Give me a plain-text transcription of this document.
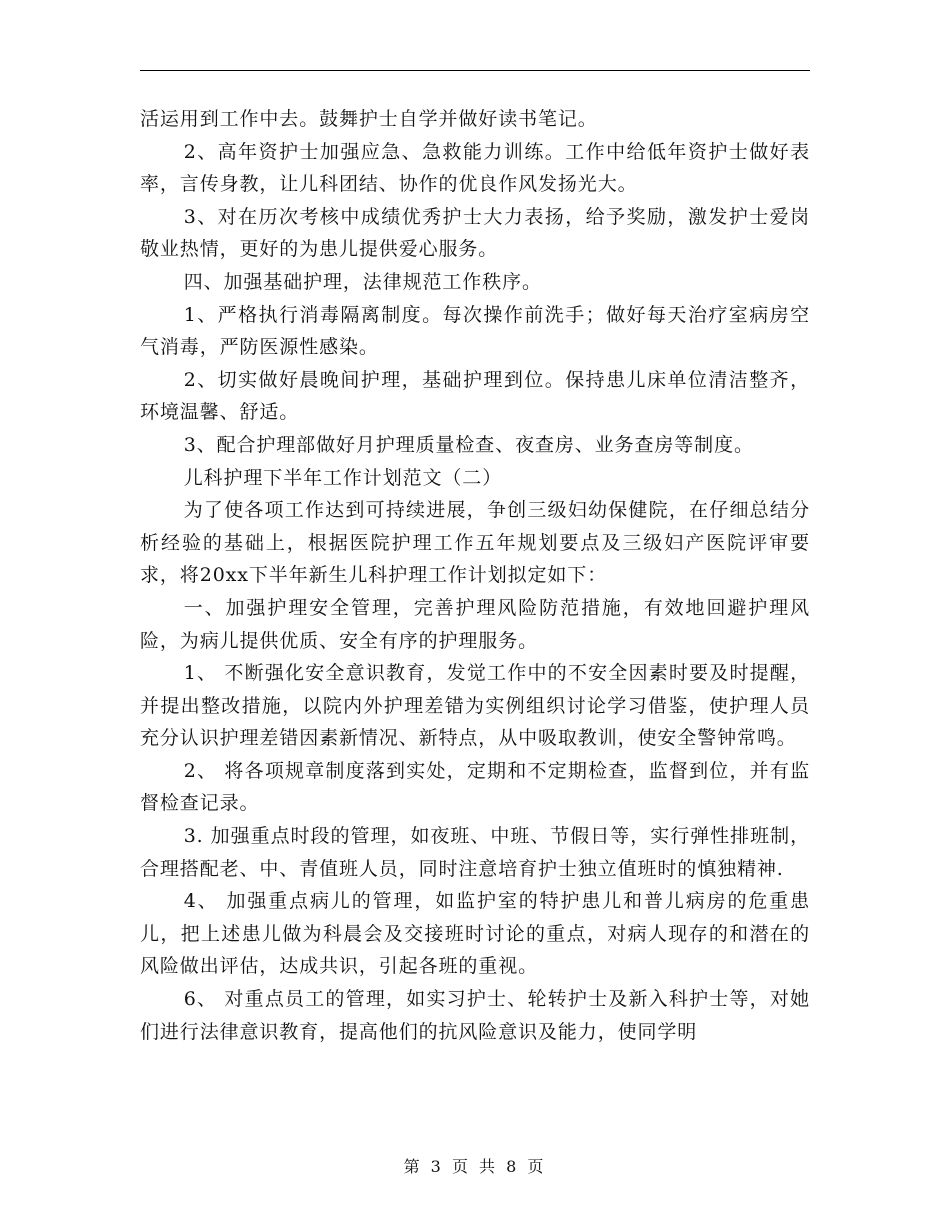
活运用到工作中去。鼓舞护士自学并做好读书笔记。

2、高年资护士加强应急、急救能力训练。工作中给低年资护士做好表率，言传身教，让儿科团结、协作的优良作风发扬光大。

3、对在历次考核中成绩优秀护士大力表扬，给予奖励，激发护士爱岗敬业热情，更好的为患儿提供爱心服务。

四、加强基础护理，法律规范工作秩序。

1、严格执行消毒隔离制度。每次操作前洗手；做好每天治疗室病房空气消毒，严防医源性感染。

2、切实做好晨晚间护理，基础护理到位。保持患儿床单位清洁整齐，环境温馨、舒适。

3、配合护理部做好月护理质量检查、夜查房、业务查房等制度。

儿科护理下半年工作计划范文（二）

为了使各项工作达到可持续进展，争创三级妇幼保健院，在仔细总结分析经验的基础上，根据医院护理工作五年规划要点及三级妇产医院评审要求，将20xx下半年新生儿科护理工作计划拟定如下：

一、加强护理安全管理，完善护理风险防范措施，有效地回避护理风险，为病儿提供优质、安全有序的护理服务。

1、 不断强化安全意识教育，发觉工作中的不安全因素时要及时提醒，并提出整改措施，以院内外护理差错为实例组织讨论学习借鉴，使护理人员充分认识护理差错因素新情况、新特点，从中吸取教训，使安全警钟常鸣。

2、 将各项规章制度落到实处，定期和不定期检查，监督到位，并有监督检查记录。

3. 加强重点时段的管理，如夜班、中班、节假日等，实行弹性排班制，合理搭配老、中、青值班人员，同时注意培育护士独立值班时的慎独精神.

4、 加强重点病儿的管理，如监护室的特护患儿和普儿病房的危重患儿，把上述患儿做为科晨会及交接班时讨论的重点，对病人现存的和潜在的风险做出评估，达成共识，引起各班的重视。

6、 对重点员工的管理，如实习护士、轮转护士及新入科护士等，对她们进行法律意识教育，提高他们的抗风险意识及能力，使同学明

第 3 页 共 8 页
